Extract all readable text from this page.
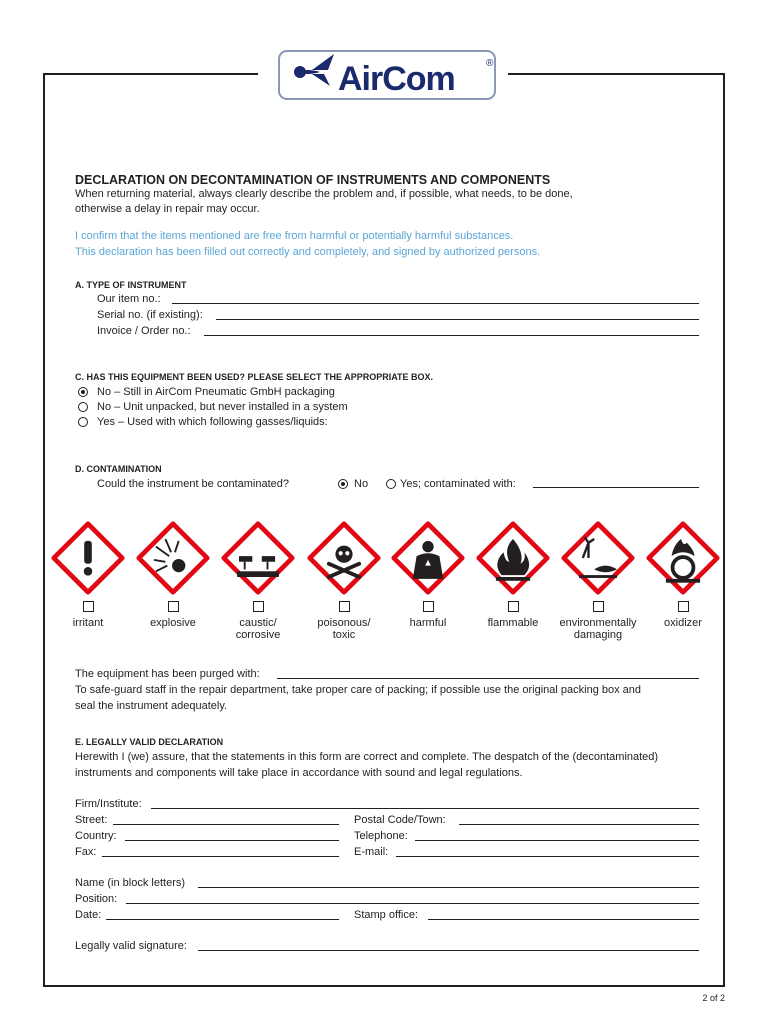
AirCom	®
DECLARATION ON DECONTAMINATION OF INSTRUMENTS AND COMPONENTS
When returning material, always clearly describe the problem and, if possible, what needs, to be done,
otherwise a delay in repair may occur.
I confirm that the items mentioned are free from harmful or potentially harmful substances.
This declaration has been filled out correctly and completely, and signed by authorized persons.
A. TYPE OF INSTRUMENT
Our item no.:
Serial no. (if existing):
Invoice / Order no.:
C. HAS THIS EQUIPMENT BEEN USED? PLEASE SELECT THE APPROPRIATE BOX.
No – Still in AirCom Pneumatic GmbH packaging
No – Unit unpacked, but never installed in a system
Yes – Used with which following gasses/liquids:
D. CONTAMINATION
Could the instrument be contaminated?	No	Yes; contaminated with:
irritant	explosive	caustic/
corrosive
poisonous/
toxic
harmful	flammable	environmentally
damaging
oxidizer
The equipment has been purged with:
To safe-guard staff in the repair department, take proper care of packing; if possible use the original packing box and
seal the instrument adequately.
E. LEGALLY VALID DECLARATION
Herewith I (we) assure, that the statements in this form are correct and complete. The despatch of the (decontaminated)
instruments and components will take place in accordance with sound and legal regulations.
Firm/Institute:
Street:	Postal Code/Town:
Country:	Telephone:
Fax:	E-mail:
Name (in block letters)
Position:
Date:	Stamp office:
Legally valid signature:
2 of 2
